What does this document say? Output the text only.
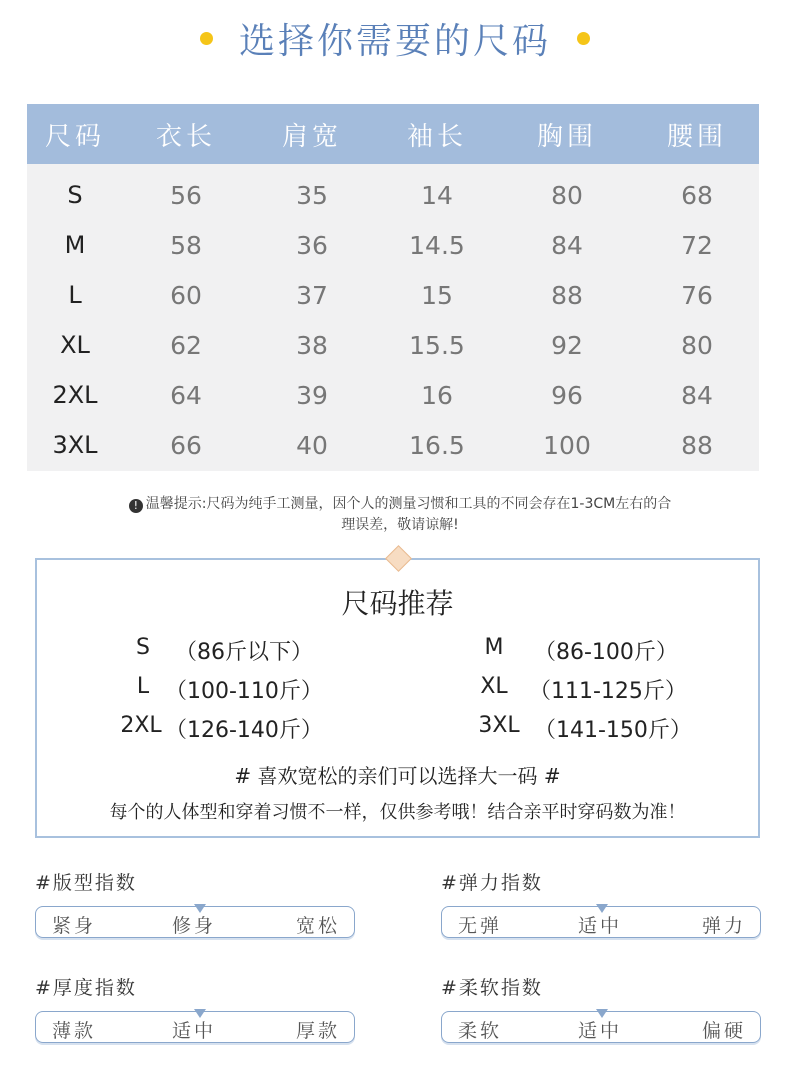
选择你需要的尺码
尺码	衣长	肩宽	袖长	胸围	腰围
S	56	35	14	80	68
M	58	36	14.5	84	72
L	60	37	15	88	76
XL	62	38	15.5	92	80
2XL	64	39	16	96	84
3XL	66	40	16.5	100	88
! 温馨提示:尺码为纯手工测量，因个人的测量习惯和工具的不同会存在1-3CM左右的合
理误差，敬请谅解!
尺码推荐
S	（86斤以下）	M	（86-100斤）
L （100-110斤）	XL （111-125斤）
2XL （126-140斤）	3XL （141-150斤）
# 喜欢宽松的亲们可以选择大一码 #
每个的人体型和穿着习惯不一样，仅供参考哦！结合亲平时穿码数为准！
#版型指数
紧身	修身	宽松
#弹力指数
无弹	适中	弹力
#厚度指数
薄款	适中	厚款
#柔软指数
柔软	适中	偏硬
